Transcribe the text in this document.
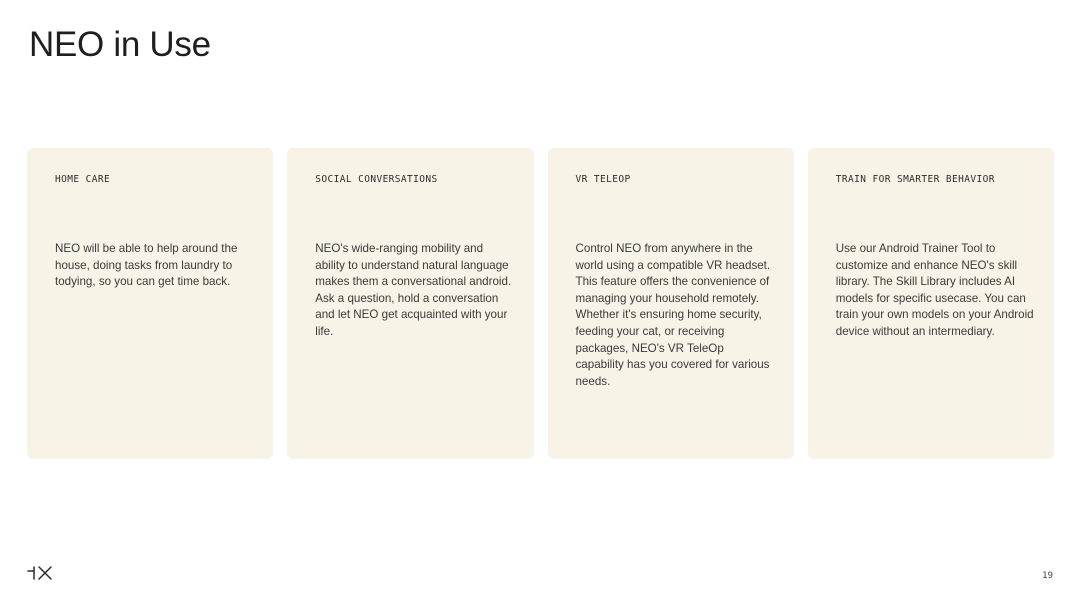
NEO in Use
HOME CARE

NEO will be able to help around the house, doing tasks from laundry to todying, so you can get time back.

SOCIAL CONVERSATIONS

NEO's wide-ranging mobility and ability to understand natural language makes them a conversational android. Ask a question, hold a conversation and let NEO get acquainted with your life.

VR TELEOP

Control NEO from anywhere in the world using a compatible VR headset. This feature offers the convenience of managing your household remotely. Whether it's ensuring home security, feeding your cat, or receiving packages, NEO's VR TeleOp capability has you covered for various needs.

TRAIN FOR SMARTER BEHAVIOR

Use our Android Trainer Tool to customize and enhance NEO's skill library. The Skill Library includes AI models for specific usecase. You can train your own models on your Android device without an intermediary.

19
